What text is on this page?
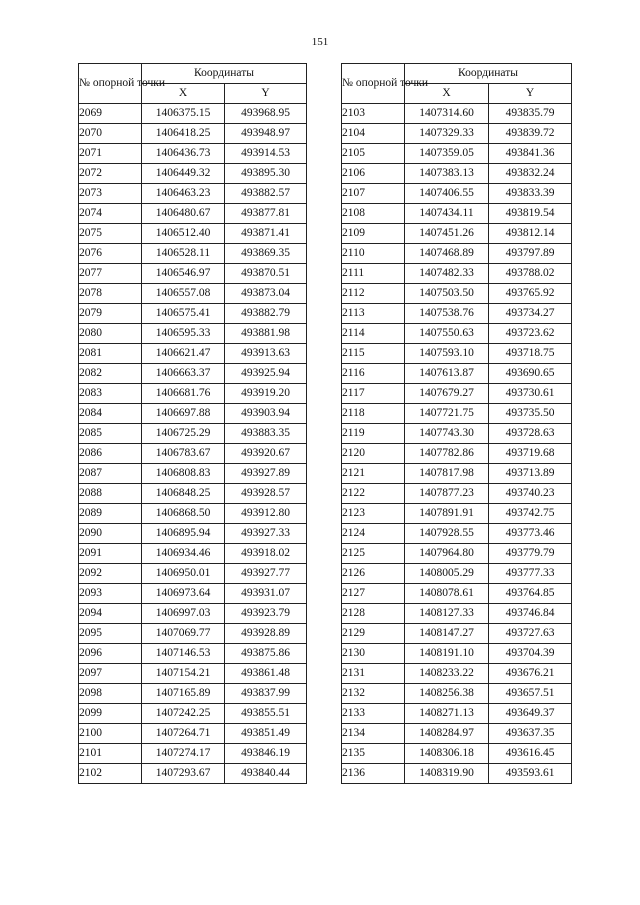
151
№ опорной точки	Координаты	
	X	Y
2069	1406375.15	493968.95
2070	1406418.25	493948.97
2071	1406436.73	493914.53
2072	1406449.32	493895.30
2073	1406463.23	493882.57
2074	1406480.67	493877.81
2075	1406512.40	493871.41
2076	1406528.11	493869.35
2077	1406546.97	493870.51
2078	1406557.08	493873.04
2079	1406575.41	493882.79
2080	1406595.33	493881.98
2081	1406621.47	493913.63
2082	1406663.37	493925.94
2083	1406681.76	493919.20
2084	1406697.88	493903.94
2085	1406725.29	493883.35
2086	1406783.67	493920.67
2087	1406808.83	493927.89
2088	1406848.25	493928.57
2089	1406868.50	493912.80
2090	1406895.94	493927.33
2091	1406934.46	493918.02
2092	1406950.01	493927.77
2093	1406973.64	493931.07
2094	1406997.03	493923.79
2095	1407069.77	493928.89
2096	1407146.53	493875.86
2097	1407154.21	493861.48
2098	1407165.89	493837.99
2099	1407242.25	493855.51
2100	1407264.71	493851.49
2101	1407274.17	493846.19
2102	1407293.67	493840.44
№ опорной точки	Координаты	
	X	Y
2103	1407314.60	493835.79
2104	1407329.33	493839.72
2105	1407359.05	493841.36
2106	1407383.13	493832.24
2107	1407406.55	493833.39
2108	1407434.11	493819.54
2109	1407451.26	493812.14
2110	1407468.89	493797.89
2111	1407482.33	493788.02
2112	1407503.50	493765.92
2113	1407538.76	493734.27
2114	1407550.63	493723.62
2115	1407593.10	493718.75
2116	1407613.87	493690.65
2117	1407679.27	493730.61
2118	1407721.75	493735.50
2119	1407743.30	493728.63
2120	1407782.86	493719.68
2121	1407817.98	493713.89
2122	1407877.23	493740.23
2123	1407891.91	493742.75
2124	1407928.55	493773.46
2125	1407964.80	493779.79
2126	1408005.29	493777.33
2127	1408078.61	493764.85
2128	1408127.33	493746.84
2129	1408147.27	493727.63
2130	1408191.10	493704.39
2131	1408233.22	493676.21
2132	1408256.38	493657.51
2133	1408271.13	493649.37
2134	1408284.97	493637.35
2135	1408306.18	493616.45
2136	1408319.90	493593.61
